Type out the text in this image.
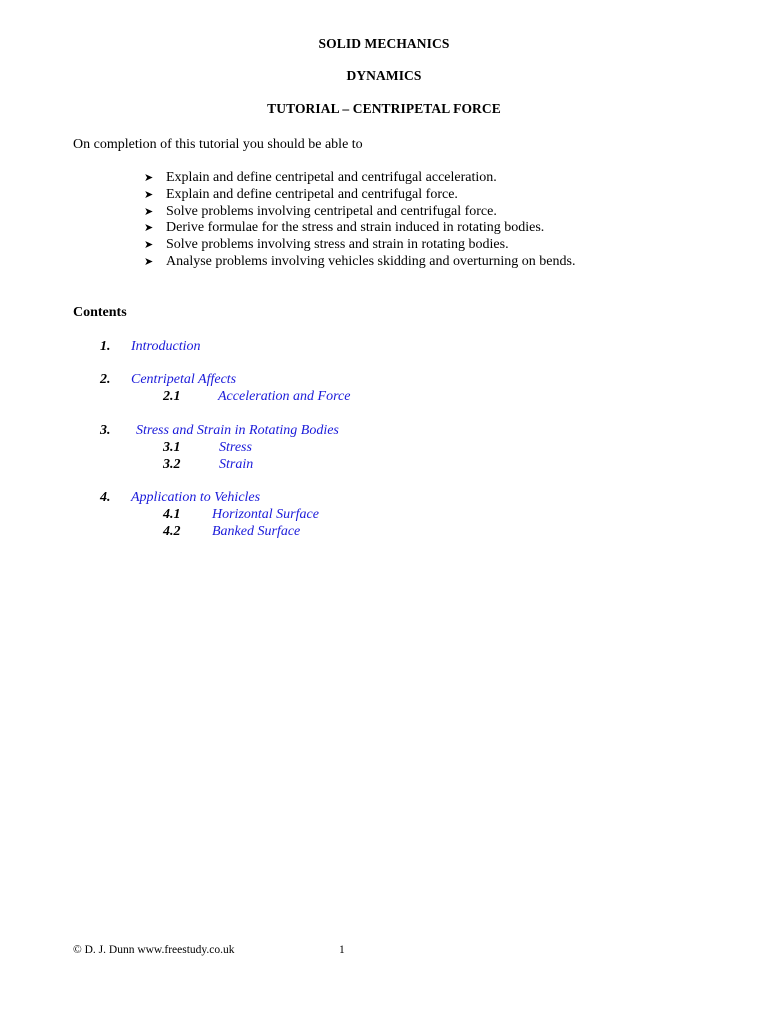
SOLID MECHANICS
DYNAMICS
TUTORIAL – CENTRIPETAL FORCE
On completion of this tutorial you should be able to
➤ Explain and define centripetal and centrifugal acceleration.
➤ Explain and define centripetal and centrifugal force.
➤ Solve problems involving centripetal and centrifugal force.
➤ Derive formulae for the stress and strain induced in rotating bodies.
➤ Solve problems involving stress and strain in rotating bodies.
➤ Analyse problems involving vehicles skidding and overturning on bends.
Contents
1. Introduction
2. Centripetal Affects
2.1	Acceleration and Force
3. Stress and Strain in Rotating Bodies
3.1	Stress
3.2	Strain
4. Application to Vehicles
4.1 Horizontal Surface
4.2 Banked Surface
© D. J. Dunn www.freestudy.co.uk	1
